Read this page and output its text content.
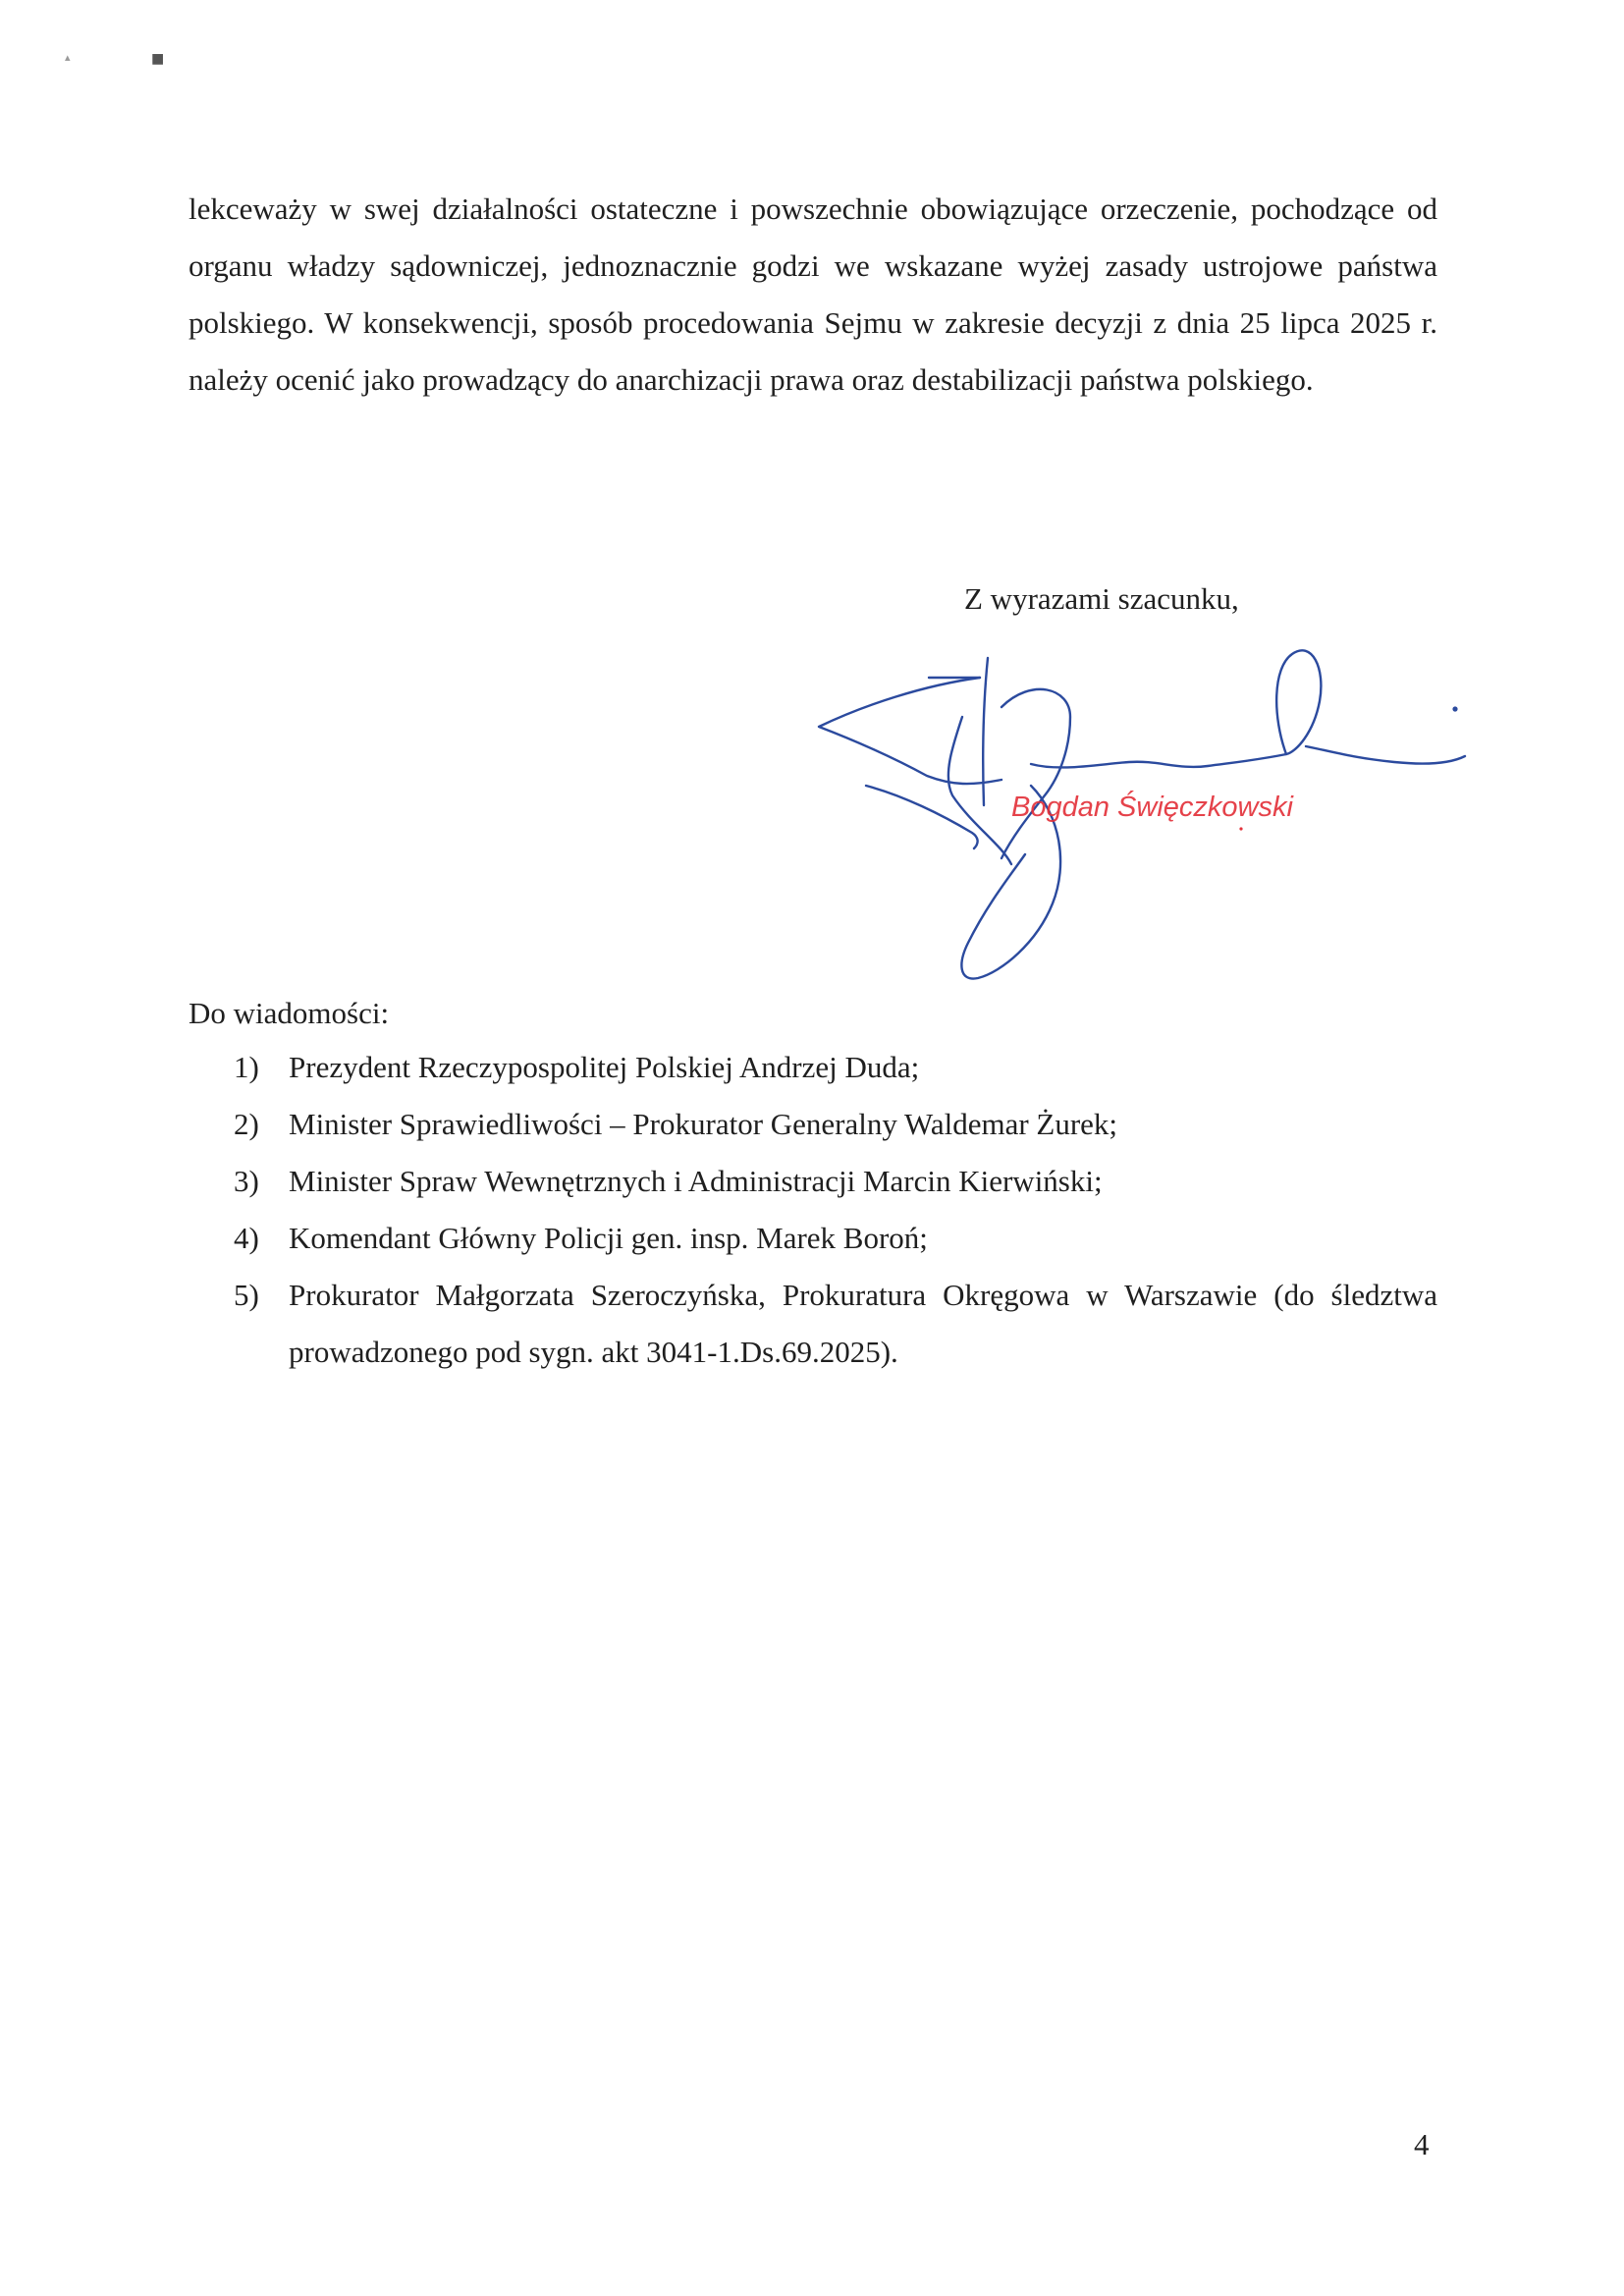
▴	■

lekceważy w swej działalności ostateczne i powszechnie obowiązujące orzeczenie, pochodzące od organu władzy sądowniczej, jednoznacznie godzi we wskazane wyżej zasady ustrojowe państwa polskiego. W konsekwencji, sposób procedowania Sejmu w zakresie decyzji z dnia 25 lipca 2025 r. należy ocenić jako prowadzący do anarchizacji prawa oraz destabilizacji państwa polskiego.

Z wyrazami szacunku,

Bogdan Święczkowski

Do wiadomości:

1) Prezydent Rzeczypospolitej Polskiej Andrzej Duda;
2) Minister Sprawiedliwości – Prokurator Generalny Waldemar Żurek;
3) Minister Spraw Wewnętrznych i Administracji Marcin Kierwiński;
4) Komendant Główny Policji gen. insp. Marek Boroń;
5) Prokurator Małgorzata Szeroczyńska, Prokuratura Okręgowa w Warszawie (do śledztwa prowadzonego pod sygn. akt 3041-1.Ds.69.2025).

4
